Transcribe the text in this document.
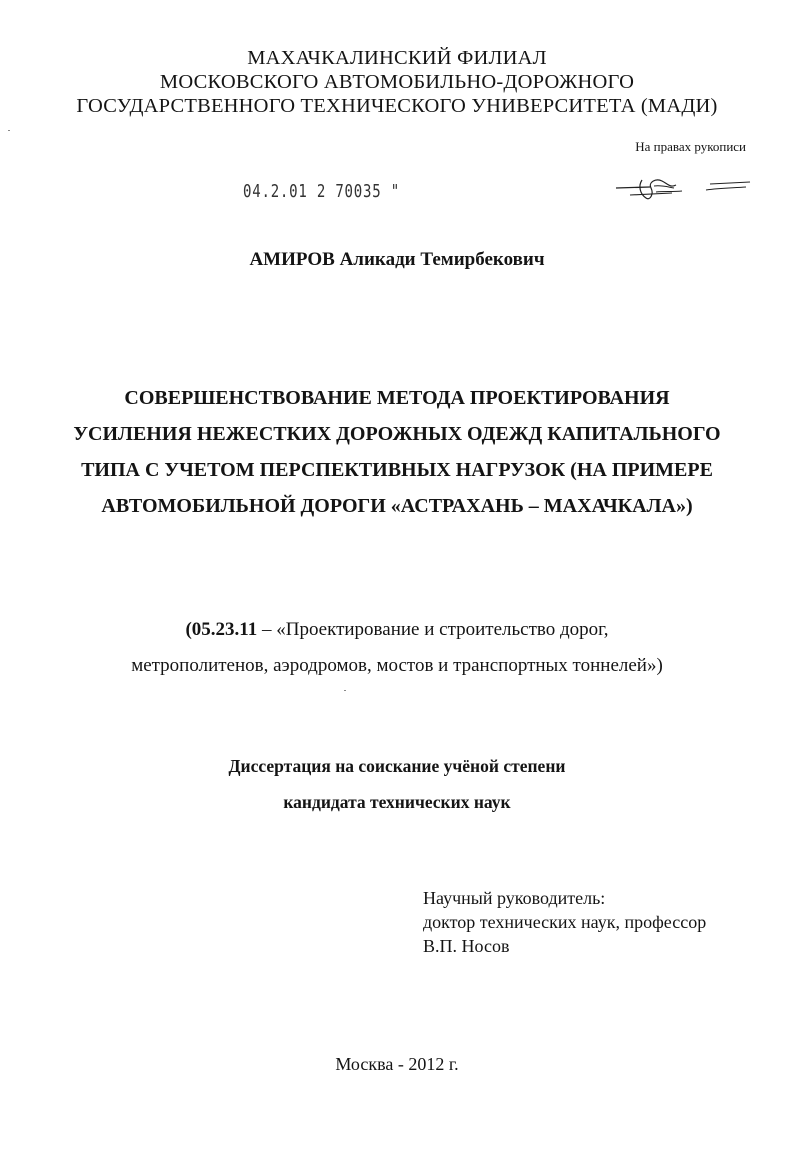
МАХАЧКАЛИНСКИЙ ФИЛИАЛ
МОСКОВСКОГО АВТОМОБИЛЬНО-ДОРОЖНОГО
ГОСУДАРСТВЕННОГО ТЕХНИЧЕСКОГО УНИВЕРСИТЕТА (МАДИ)
На правах рукописи
04.2.01 2 70035 "
АМИРОВ Аликади Темирбекович
СОВЕРШЕНСТВОВАНИЕ МЕТОДА ПРОЕКТИРОВАНИЯ
УСИЛЕНИЯ НЕЖЕСТКИХ ДОРОЖНЫХ ОДЕЖД КАПИТАЛЬНОГО
ТИПА С УЧЕТОМ ПЕРСПЕКТИВНЫХ НАГРУЗОК (НА ПРИМЕРЕ
АВТОМОБИЛЬНОЙ ДОРОГИ «АСТРАХАНЬ – МАХАЧКАЛА»)
(05.23.11 – «Проектирование и строительство дорог,
метрополитенов, аэродромов, мостов и транспортных тоннелей»)
Диссертация на соискание учёной степени
кандидата технических наук
Научный руководитель:
доктор технических наук, профессор
В.П. Носов
Москва - 2012 г.
